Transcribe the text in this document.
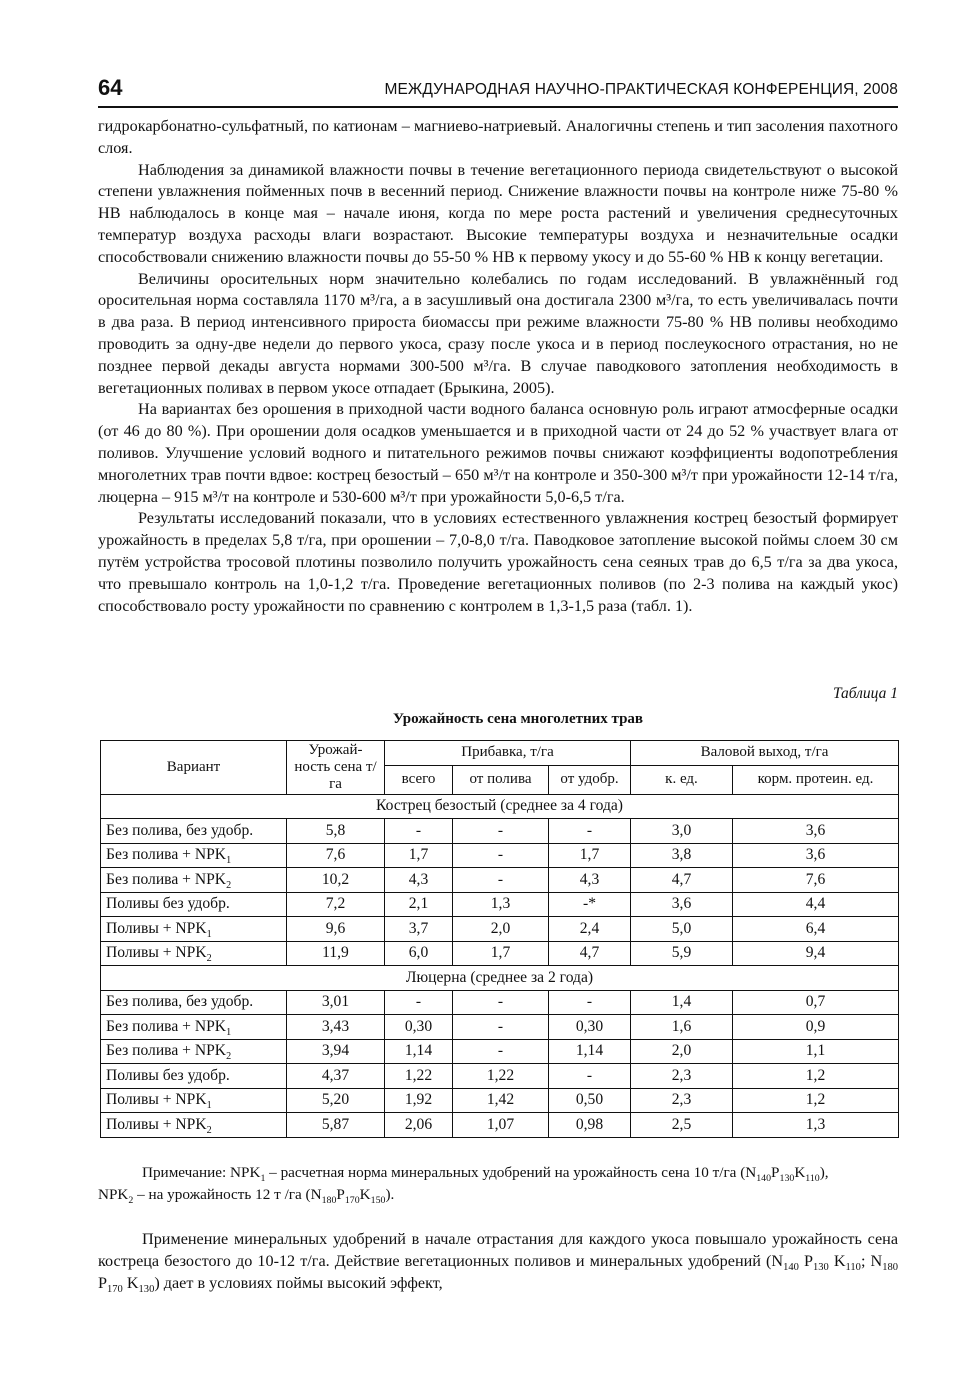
64	МЕЖДУНАРОДНАЯ НАУЧНО-ПРАКТИЧЕСКАЯ КОНФЕРЕНЦИЯ, 2008

гидрокарбонатно-сульфатный, по катионам – магниево-натриевый. Аналогичны степень и тип засоления пахотного слоя.

Наблюдения за динамикой влажности почвы в течение вегетационного периода свидетельствуют о высокой степени увлажнения пойменных почв в весенний период. Снижение влажности почвы на контроле ниже 75-80 % НВ наблюдалось в конце мая – начале июня, когда по мере роста растений и увеличения среднесуточных температур воздуха расходы влаги возрастают. Высокие температуры воздуха и незначительные осадки способствовали снижению влажности почвы до 55-50 % НВ к первому укосу и до 55-60 % НВ к концу вегетации.

Величины оросительных норм значительно колебались по годам исследований. В увлажнённый год оросительная норма составляла 1170 м³/га, а в засушливый она достигала 2300 м³/га, то есть увеличивалась почти в два раза. В период интенсивного прироста биомассы при режиме влажности 75-80 % НВ поливы необходимо проводить за одну-две недели до первого укоса, сразу после укоса и в период послеукосного отрастания, но не позднее первой декады августа нормами 300-500 м³/га. В случае паводкового затопления необходимость в вегетационных поливах в первом укосе отпадает (Брыкина, 2005).

На вариантах без орошения в приходной части водного баланса основную роль играют атмосферные осадки (от 46 до 80 %). При орошении доля осадков уменьшается и в приходной части от 24 до 52 % участвует влага от поливов. Улучшение условий водного и питательного режимов почвы снижают коэффициенты водопотребления многолетних трав почти вдвое: кострец безостый – 650 м³/т на контроле и 350-300 м³/т при урожайности 12-14 т/га, люцерна – 915 м³/т на контроле и 530-600 м³/т при урожайности 5,0-6,5 т/га.

Результаты исследований показали, что в условиях естественного увлажнения кострец безостый формирует урожайность в пределах 5,8 т/га, при орошении – 7,0-8,0 т/га. Паводковое затопление высокой поймы слоем 30 см путём устройства тросовой плотины позволило получить урожайность сена сеяных трав до 6,5 т/га за два укоса, что превышало контроль на 1,0-1,2 т/га. Проведение вегетационных поливов (по 2-3 полива на каждый укос) способствовало росту урожайности по сравнению с контролем в 1,3-1,5 раза (табл. 1).

Таблица 1
Урожайность сена многолетних трав
Вариант	Урожай-ность сена т/га	Прибавка, т/га			Валовой выход, т/га	
		всего	от полива	от удобр.	к. ед.	корм. протеин. ед.
Кострец безостый (среднее за 4 года)						
Без полива, без удобр.	5,8	-	-	-	3,0	3,6
Без полива + $NPK_1$	7,6	1,7	-	1,7	3,8	3,6
Без полива + $NPK_2$	10,2	4,3	-	4,3	4,7	7,6
Поливы без удобр.	7,2	2,1	1,3	-*	3,6	4,4
Поливы + $NPK_1$	9,6	3,7	2,0	2,4	5,0	6,4
Поливы + $NPK_2$	11,9	6,0	1,7	4,7	5,9	9,4
Люцерна (среднее за 2 года)						
Без полива, без удобр.	3,01	-	-	-	1,4	0,7
Без полива + $NPK_1$	3,43	0,30	-	0,30	1,6	0,9
Без полива + $NPK_2$	3,94	1,14	-	1,14	2,0	1,1
Поливы без удобр.	4,37	1,22	1,22	-	2,3	1,2
Поливы + $NPK_1$	5,20	1,92	1,42	0,50	2,3	1,2
Поливы + $NPK_2$	5,87	2,06	1,07	0,98	2,5	1,3
Примечание: $NPK_1$ – расчетная норма минеральных удобрений на урожайность сена 10 т/га $(N_{140}P_{130}K_{110})$,
$NPK_2$ – на урожайность 12 т /га $(N_{180}P_{170}K_{150})$.

Применение минеральных удобрений в начале отрастания для каждого укоса повышало урожайность сена костреца безостого до 10-12 т/га. Действие вегетационных поливов и минеральных удобрений ($N_{140}$ $P_{130}$ $K_{110}$; $N_{180}$ $P_{170}$ $K_{130}$) дает в условиях поймы высокий эффект,
